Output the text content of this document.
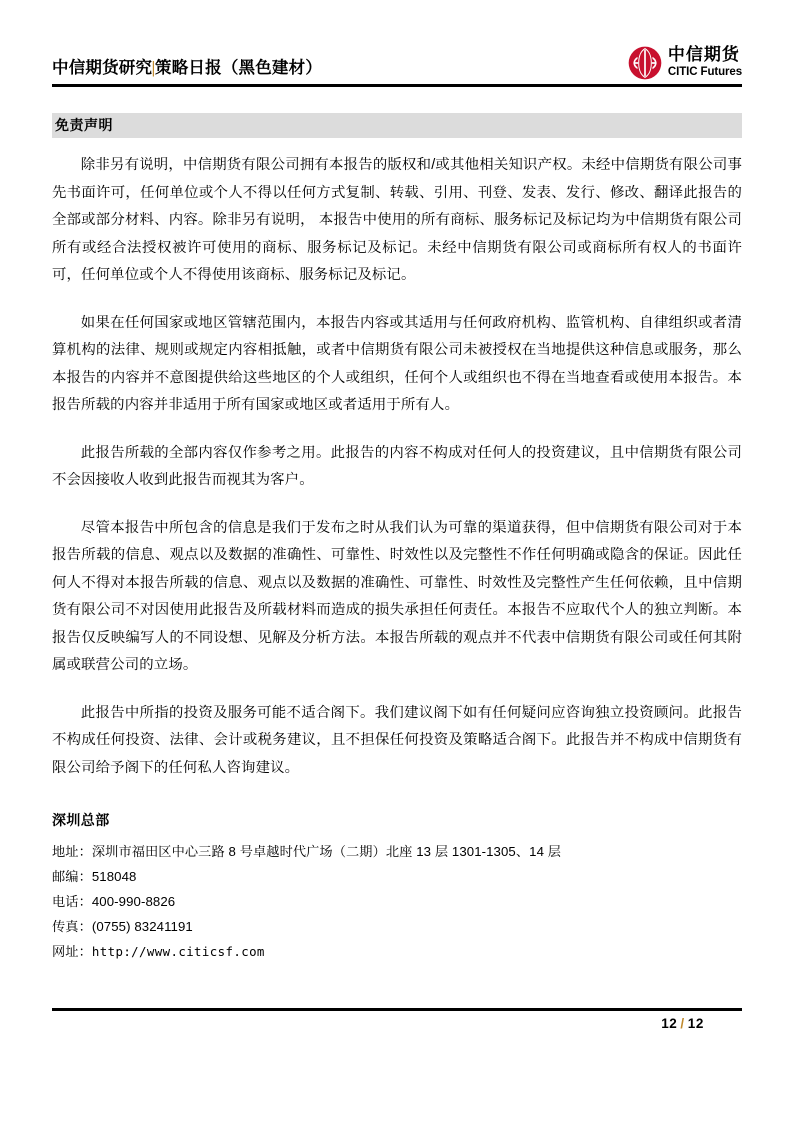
中信期货研究|策略日报（黑色建材）
中信期货
CITIC Futures
免责声明

除非另有说明，中信期货有限公司拥有本报告的版权和/或其他相关知识产权。未经中信期货有限公司事先书面许可，任何单位或个人不得以任何方式复制、转载、引用、刊登、发表、发行、修改、翻译此报告的全部或部分材料、内容。除非另有说明， 本报告中使用的所有商标、服务标记及标记均为中信期货有限公司所有或经合法授权被许可使用的商标、服务标记及标记。未经中信期货有限公司或商标所有权人的书面许可，任何单位或个人不得使用该商标、服务标记及标记。

如果在任何国家或地区管辖范围内，本报告内容或其适用与任何政府机构、监管机构、自律组织或者清算机构的法律、规则或规定内容相抵触，或者中信期货有限公司未被授权在当地提供这种信息或服务，那么本报告的内容并不意图提供给这些地区的个人或组织，任何个人或组织也不得在当地查看或使用本报告。本报告所载的内容并非适用于所有国家或地区或者适用于所有人。

此报告所载的全部内容仅作参考之用。此报告的内容不构成对任何人的投资建议，且中信期货有限公司不会因接收人收到此报告而视其为客户。

尽管本报告中所包含的信息是我们于发布之时从我们认为可靠的渠道获得，但中信期货有限公司对于本报告所载的信息、观点以及数据的准确性、可靠性、时效性以及完整性不作任何明确或隐含的保证。因此任何人不得对本报告所载的信息、观点以及数据的准确性、可靠性、时效性及完整性产生任何依赖，且中信期货有限公司不对因使用此报告及所载材料而造成的损失承担任何责任。本报告不应取代个人的独立判断。本报告仅反映编写人的不同设想、见解及分析方法。本报告所载的观点并不代表中信期货有限公司或任何其附属或联营公司的立场。

此报告中所指的投资及服务可能不适合阁下。我们建议阁下如有任何疑问应咨询独立投资顾问。此报告不构成任何投资、法律、会计或税务建议，且不担保任何投资及策略适合阁下。此报告并不构成中信期货有限公司给予阁下的任何私人咨询建议。

深圳总部
地址：深圳市福田区中心三路 8 号卓越时代广场（二期）北座 13 层 1301-1305、14 层
邮编：518048
电话：400-990-8826
传真：(0755) 83241191
网址：http://www.citicsf.com
12 / 12
